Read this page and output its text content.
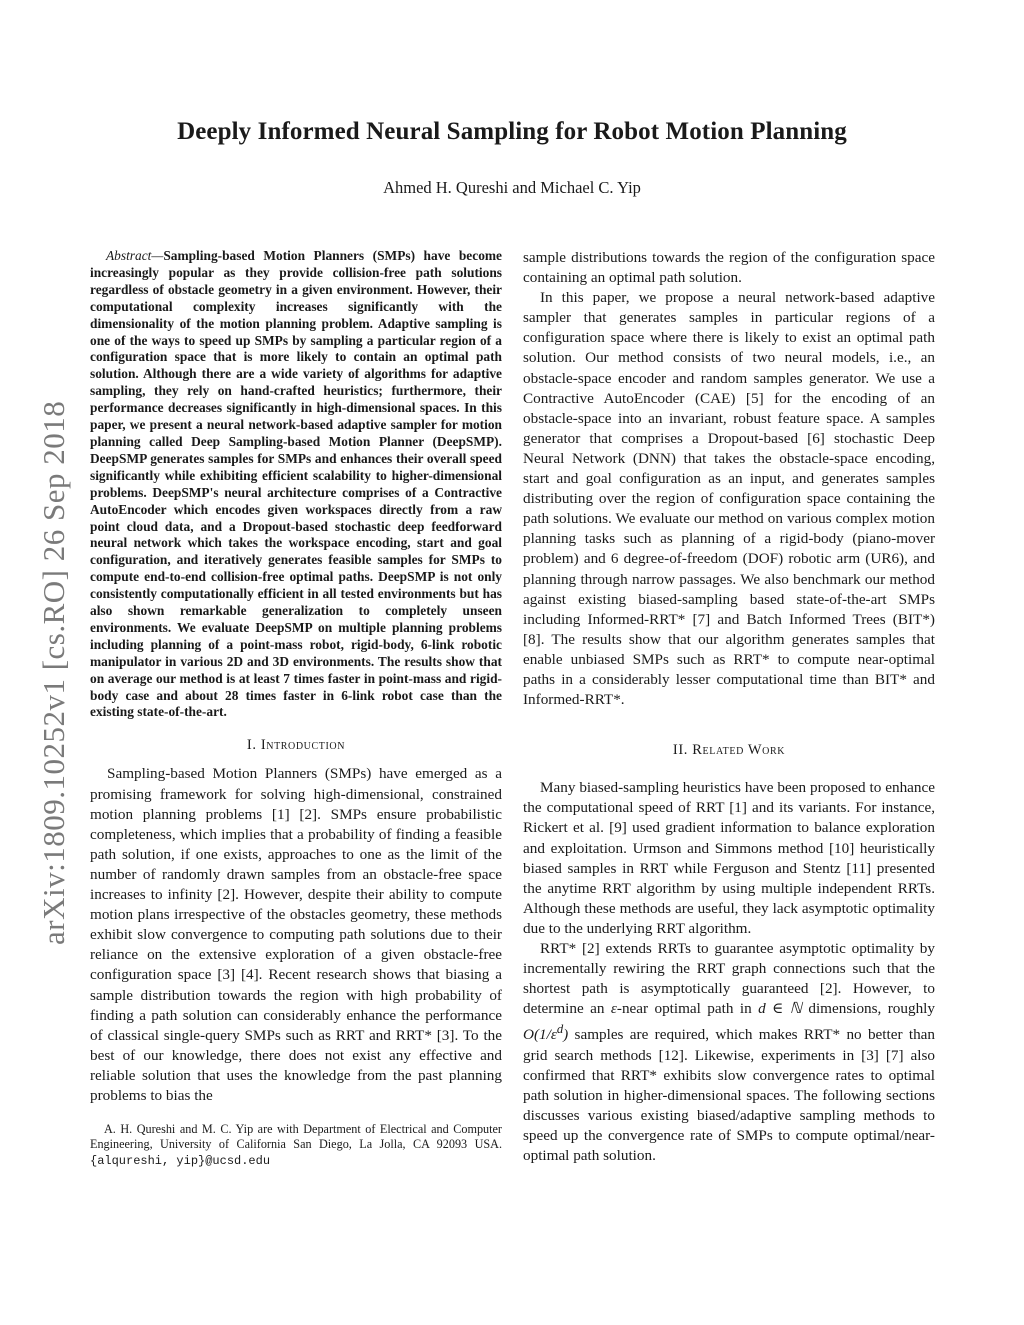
arXiv:1809.10252v1 [cs.RO] 26 Sep 2018
Deeply Informed Neural Sampling for Robot Motion Planning
Ahmed H. Qureshi and Michael C. Yip

Abstract—Sampling-based Motion Planners (SMPs) have become increasingly popular as they provide collision-free path solutions regardless of obstacle geometry in a given environment. However, their computational complexity increases significantly with the dimensionality of the motion planning problem. Adaptive sampling is one of the ways to speed up SMPs by sampling a particular region of a configuration space that is more likely to contain an optimal path solution. Although there are a wide variety of algorithms for adaptive sampling, they rely on hand-crafted heuristics; furthermore, their performance decreases significantly in high-dimensional spaces. In this paper, we present a neural network-based adaptive sampler for motion planning called Deep Sampling-based Motion Planner (DeepSMP). DeepSMP generates samples for SMPs and enhances their overall speed significantly while exhibiting efficient scalability to higher-dimensional problems. DeepSMP's neural architecture comprises of a Contractive AutoEncoder which encodes given workspaces directly from a raw point cloud data, and a Dropout-based stochastic deep feedforward neural network which takes the workspace encoding, start and goal configuration, and iteratively generates feasible samples for SMPs to compute end-to-end collision-free optimal paths. DeepSMP is not only consistently computationally efficient in all tested environments but has also shown remarkable generalization to completely unseen environments. We evaluate DeepSMP on multiple planning problems including planning of a point-mass robot, rigid-body, 6-link robotic manipulator in various 2D and 3D environments. The results show that on average our method is at least 7 times faster in point-mass and rigid-body case and about 28 times faster in 6-link robot case than the existing state-of-the-art.

I. Introduction

Sampling-based Motion Planners (SMPs) have emerged as a promising framework for solving high-dimensional, constrained motion planning problems [1] [2]. SMPs ensure probabilistic completeness, which implies that a probability of finding a feasible path solution, if one exists, approaches to one as the limit of the number of randomly drawn samples from an obstacle-free space increases to infinity [2]. However, despite their ability to compute motion plans irrespective of the obstacles geometry, these methods exhibit slow convergence to computing path solutions due to their reliance on the extensive exploration of a given obstacle-free configuration space [3] [4]. Recent research shows that biasing a sample distribution towards the region with high probability of finding a path solution can considerably enhance the performance of classical single-query SMPs such as RRT and RRT* [3]. To the best of our knowledge, there does not exist any effective and reliable solution that uses the knowledge from the past planning problems to bias the

A. H. Qureshi and M. C. Yip are with Department of Electrical and Computer Engineering, University of California San Diego, La Jolla, CA 92093 USA. {alqureshi, yip}@ucsd.edu

sample distributions towards the region of the configuration space containing an optimal path solution.

In this paper, we propose a neural network-based adaptive sampler that generates samples in particular regions of a configuration space where there is likely to exist an optimal path solution. Our method consists of two neural models, i.e., an obstacle-space encoder and random samples generator. We use a Contractive AutoEncoder (CAE) [5] for the encoding of an obstacle-space into an invariant, robust feature space. A samples generator that comprises a Dropout-based [6] stochastic Deep Neural Network (DNN) that takes the obstacle-space encoding, start and goal configuration as an input, and generates samples distributing over the region of configuration space containing the path solutions. We evaluate our method on various complex motion planning tasks such as planning of a rigid-body (piano-mover problem) and 6 degree-of-freedom (DOF) robotic arm (UR6), and planning through narrow passages. We also benchmark our method against existing biased-sampling based state-of-the-art SMPs including Informed-RRT* [7] and Batch Informed Trees (BIT*) [8]. The results show that our algorithm generates samples that enable unbiased SMPs such as RRT* to compute near-optimal paths in a considerably lesser computational time than BIT* and Informed-RRT*.

II. Related Work

Many biased-sampling heuristics have been proposed to enhance the computational speed of RRT [1] and its variants. For instance, Rickert et al. [9] used gradient information to balance exploration and exploitation. Urmson and Simmons method [10] heuristically biased samples in RRT while Ferguson and Stentz [11] presented the anytime RRT algorithm by using multiple independent RRTs. Although these methods are useful, they lack asymptotic optimality due to the underlying RRT algorithm.

RRT* [2] extends RRTs to guarantee asymptotic optimality by incrementally rewiring the RRT graph connections such that the shortest path is asymptotically guaranteed [2]. However, to determine an ε-near optimal path in d ∈ ℕ dimensions, roughly $O(1/\varepsilon^d)$ samples are required, which makes RRT* no better than grid search methods [12]. Likewise, experiments in [3] [7] also confirmed that RRT* exhibits slow convergence rates to optimal path solution in higher-dimensional spaces. The following sections discusses various existing biased/adaptive sampling methods to speed up the convergence rate of SMPs to compute optimal/near-optimal path solution.
